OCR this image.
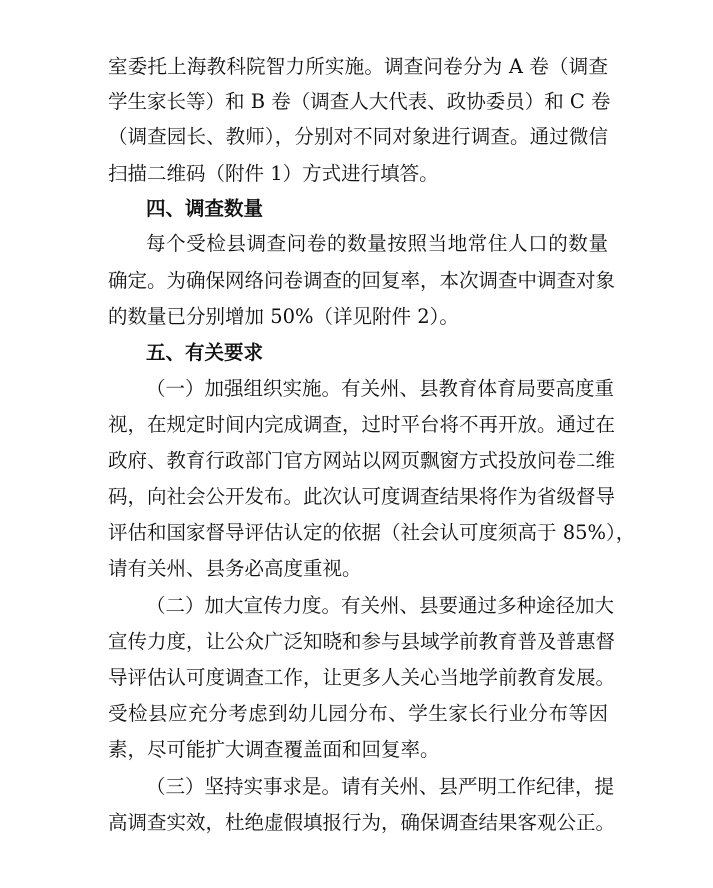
室委托上海教科院智力所实施。调查问卷分为 A 卷（调查
学生家长等）和 B 卷（调查人大代表、政协委员）和 C 卷
（调查园长、教师），分别对不同对象进行调查。通过微信
扫描二维码（附件 1）方式进行填答。
四、调查数量
每个受检县调查问卷的数量按照当地常住人口的数量
确定。为确保网络问卷调查的回复率，本次调查中调查对象
的数量已分别增加 50%（详见附件 2）。
五、有关要求
（一）加强组织实施。有关州、县教育体育局要高度重
视，在规定时间内完成调查，过时平台将不再开放。通过在
政府、教育行政部门官方网站以网页飘窗方式投放问卷二维
码，向社会公开发布。此次认可度调查结果将作为省级督导
评估和国家督导评估认定的依据（社会认可度须高于 85%），
请有关州、县务必高度重视。
（二）加大宣传力度。有关州、县要通过多种途径加大
宣传力度，让公众广泛知晓和参与县域学前教育普及普惠督
导评估认可度调查工作，让更多人关心当地学前教育发展。
受检县应充分考虑到幼儿园分布、学生家长行业分布等因
素，尽可能扩大调查覆盖面和回复率。
（三）坚持实事求是。请有关州、县严明工作纪律，提
高调查实效，杜绝虚假填报行为，确保调查结果客观公正。
